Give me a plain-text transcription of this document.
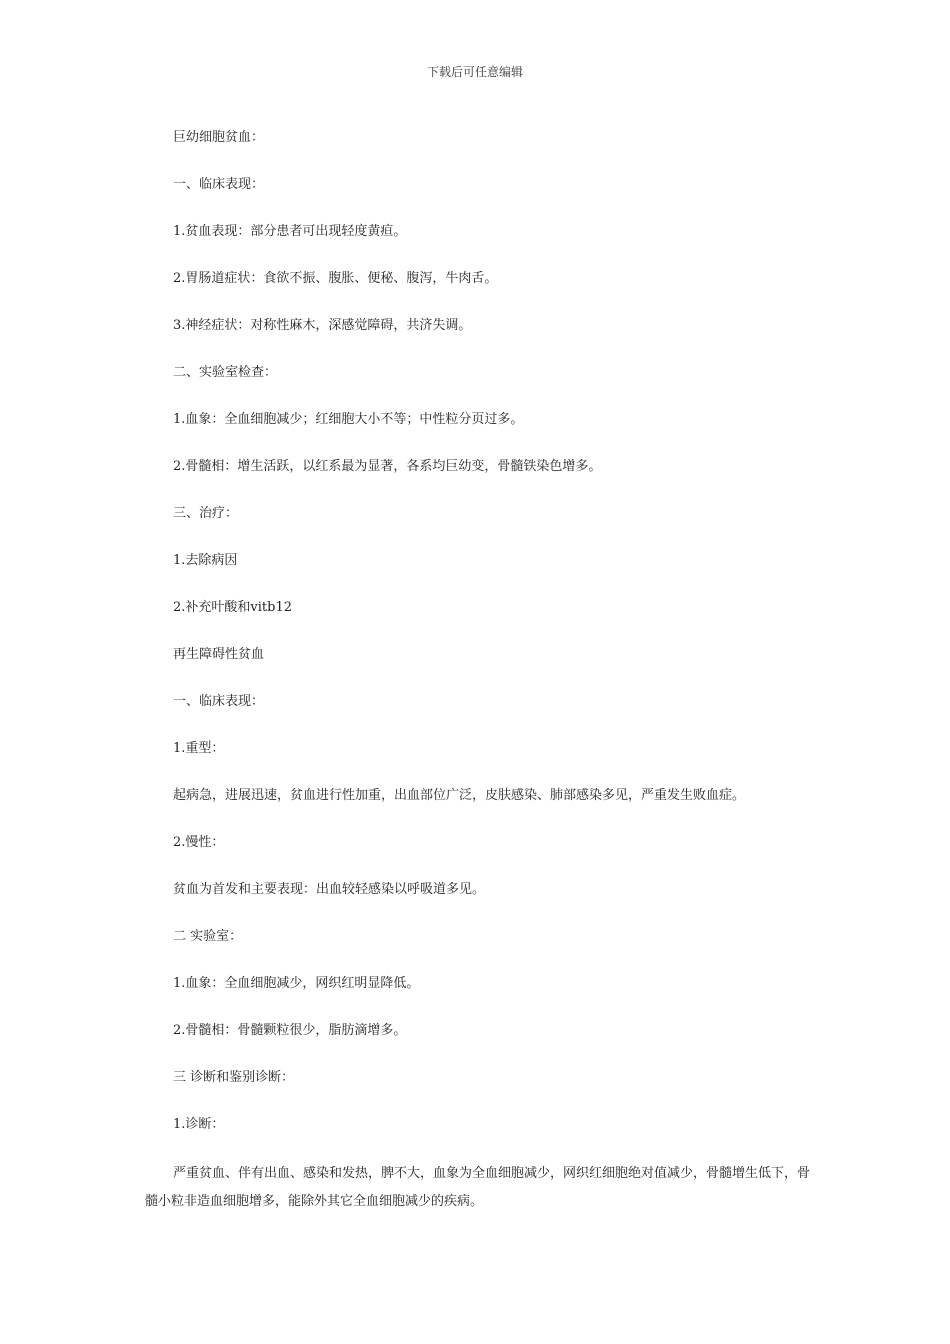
下载后可任意编辑
巨幼细胞贫血：
一、临床表现：
1.贫血表现：部分患者可出现轻度黄疸。
2.胃肠道症状：食欲不振、腹胀、便秘、腹泻，牛肉舌。
3.神经症状：对称性麻木，深感觉障碍，共济失调。
二、实验室检查：
1.血象：全血细胞减少；红细胞大小不等；中性粒分页过多。
2.骨髓相：增生活跃，以红系最为显著，各系均巨幼变，骨髓铁染色增多。
三、治疗：
1.去除病因
2.补充叶酸和vitb12
再生障碍性贫血
一、临床表现：
1.重型：
起病急，进展迅速，贫血进行性加重，出血部位广泛，皮肤感染、肺部感染多见，严重发生败血症。
2.慢性：
贫血为首发和主要表现：出血较轻感染以呼吸道多见。
二 实验室：
1.血象：全血细胞减少，网织红明显降低。
2.骨髓相：骨髓颗粒很少，脂肪滴增多。
三 诊断和鉴别诊断：
1.诊断：
严重贫血、伴有出血、感染和发热，脾不大，血象为全血细胞减少，网织红细胞绝对值减少，骨髓增生低下，骨髓小粒非造血细胞增多，能除外其它全血细胞减少的疾病。
